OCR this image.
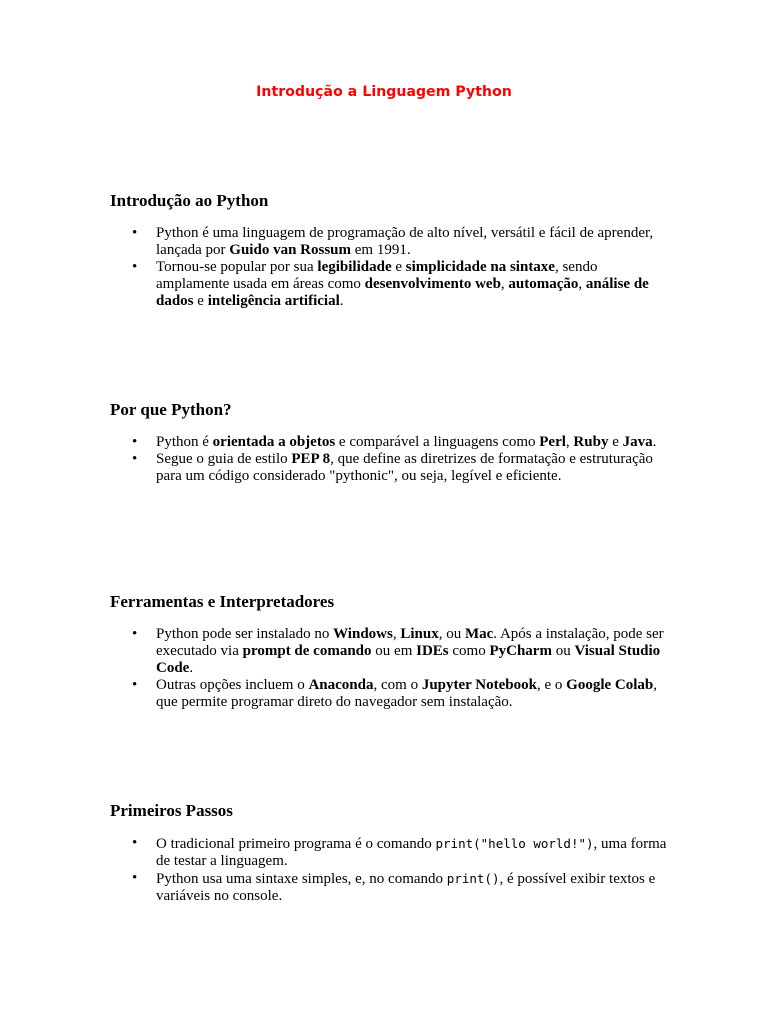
Introdução a Linguagem Python
Introdução ao Python
• Python é uma linguagem de programação de alto nível, versátil e fácil de aprender, lançada por Guido van Rossum em 1991.
• Tornou-se popular por sua legibilidade e simplicidade na sintaxe, sendo amplamente usada em áreas como desenvolvimento web, automação, análise de dados e inteligência artificial.
Por que Python?
• Python é orientada a objetos e comparável a linguagens como Perl, Ruby e Java.
• Segue o guia de estilo PEP 8, que define as diretrizes de formatação e estruturação para um código considerado "pythonic", ou seja, legível e eficiente.
Ferramentas e Interpretadores
• Python pode ser instalado no Windows, Linux, ou Mac. Após a instalação, pode ser executado via prompt de comando ou em IDEs como PyCharm ou Visual Studio Code.
• Outras opções incluem o Anaconda, com o Jupyter Notebook, e o Google Colab, que permite programar direto do navegador sem instalação.
Primeiros Passos
• O tradicional primeiro programa é o comando print("hello world!"), uma forma de testar a linguagem.
• Python usa uma sintaxe simples, e, no comando print(), é possível exibir textos e variáveis no console.
